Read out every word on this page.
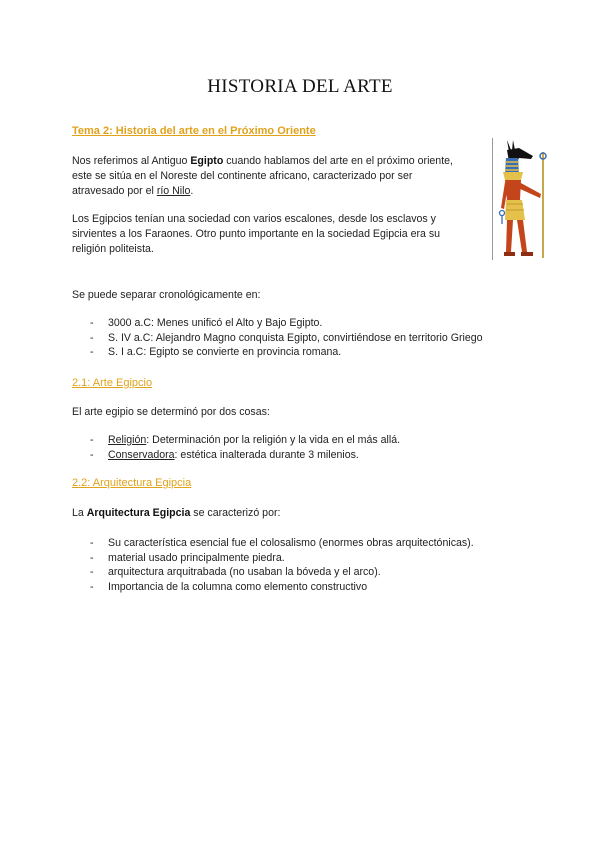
HISTORIA DEL ARTE
Tema 2: Historia del arte en el Próximo Oriente
Nos referimos al Antiguo Egipto cuando hablamos del arte en el próximo oriente,
este se sitúa en el Noreste del continente africano, caracterizado por ser
atravesado por el río Nilo.
Los Egipcios tenían una sociedad con varios escalones, desde los esclavos y
sirvientes a los Faraones. Otro punto importante en la sociedad Egipcia era su
religión politeista.
Se puede separar cronológicamente en:
- 3000 a.C: Menes unificó el Alto y Bajo Egipto.
- S. IV a.C: Alejandro Magno conquista Egipto, convirtiéndose en territorio Griego
- S. I a.C: Egipto se convierte en provincia romana.
2.1: Arte Egipcio
El arte egipio se determinó por dos cosas:
- Religión: Determinación por la religión y la vida en el más allá.
- Conservadora: estética inalterada durante 3 milenios.
2.2: Arquitectura Egipcia
La Arquitectura Egipcia se caracterizó por:
- Su característica esencial fue el colosalismo (enormes obras arquitectónicas).
- material usado principalmente piedra.
- arquitectura arquitrabada (no usaban la bóveda y el arco).
- Importancia de la columna como elemento constructivo
